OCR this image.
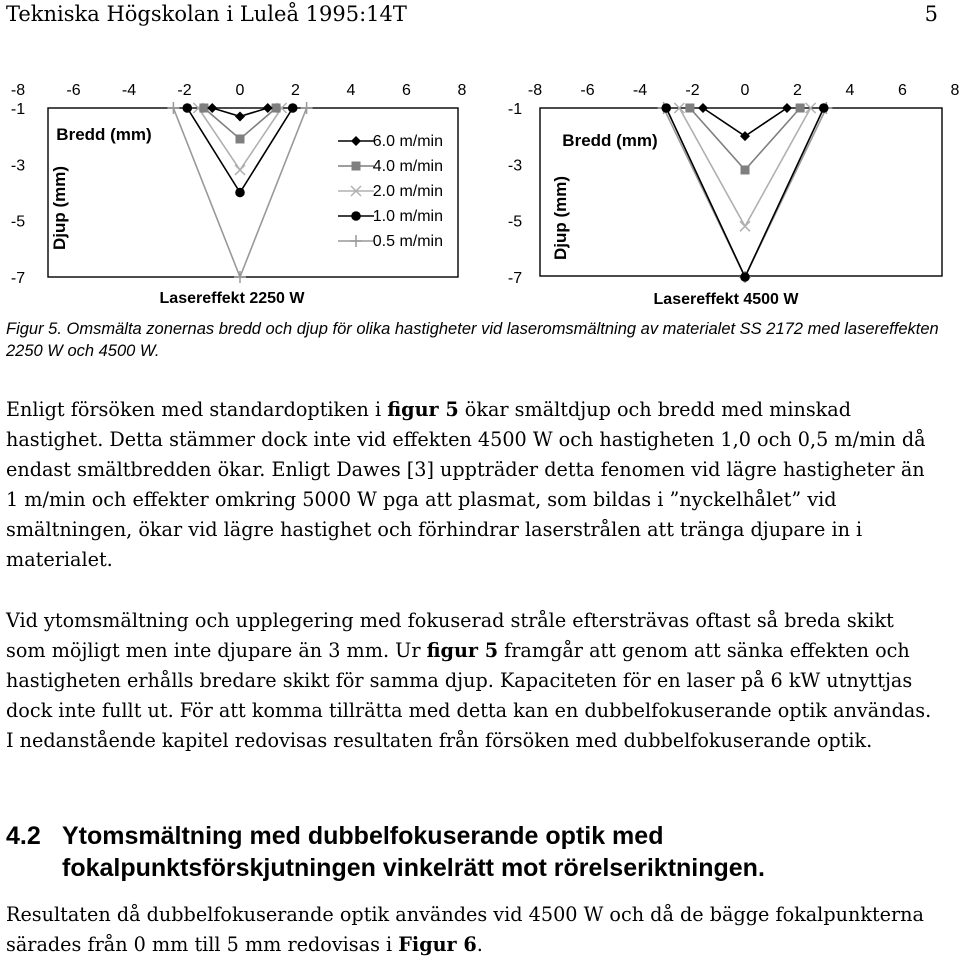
Tekniska Högskolan i Luleå 1995:14T	5
-8	-6	-4	-2	0	2	4	6	8
-1
-3
-5
-7
Bredd (mm)
Djup (mm)
Lasereffekt 2250 W
6.0 m/min
4.0 m/min
2.0 m/min
1.0 m/min
0.5 m/min
-8 -6 -4 -2	0	2	4	6	8
-1
-3
-5
-7
Bredd (mm)
Djup (mm)
Lasereffekt 4500 W
Figur 5. Omsmälta zonernas bredd och djup för olika hastigheter vid laseromsmältning av materialet SS 2172 med lasereffekten 2250 W och 4500 W.
Enligt försöken med standardoptiken i figur 5 ökar smältdjup och bredd med minskad hastighet. Detta stämmer dock inte vid effekten 4500 W och hastigheten 1,0 och 0,5 m/min då endast smältbredden ökar. Enligt Dawes [3] uppträder detta fenomen vid lägre hastigheter än 1 m/min och effekter omkring 5000 W pga att plasmat, som bildas i ”nyckelhålet” vid smältningen, ökar vid lägre hastighet och förhindrar laserstrålen att tränga djupare in i materialet.
Vid ytomsmältning och upplegering med fokuserad stråle eftersträvas oftast så breda skikt som möjligt men inte djupare än 3 mm. Ur figur 5 framgår att genom att sänka effekten och hastigheten erhålls bredare skikt för samma djup. Kapaciteten för en laser på 6 kW utnyttjas dock inte fullt ut. För att komma tillrätta med detta kan en dubbelfokuserande optik användas. I nedanstående kapitel redovisas resultaten från försöken med dubbelfokuserande optik.
4.2 Ytomsmältning med dubbelfokuserande optik med
fokalpunktsförskjutningen vinkelrätt mot rörelseriktningen.
Resultaten då dubbelfokuserande optik användes vid 4500 W och då de bägge fokalpunkterna särades från 0 mm till 5 mm redovisas i Figur 6.
